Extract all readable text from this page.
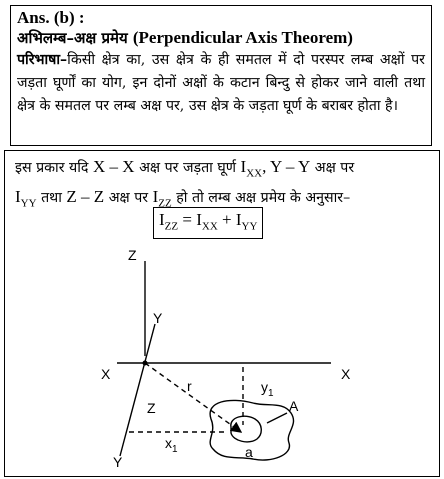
Ans. (b) :
अभिलम्ब–अक्ष प्रमेय (Perpendicular Axis Theorem)
परिभाषा–किसी क्षेत्र का, उस क्षेत्र के ही समतल में दो परस्पर लम्ब अक्षों पर जड़ता घूर्णों का योग, इन दोनों अक्षों के कटान बिन्दु से होकर जाने वाली तथा क्षेत्र के समतल पर लम्ब अक्ष पर, उस क्षेत्र के जड़ता घूर्ण के बराबर होता है।
इस प्रकार यदि X – X अक्ष पर जड़ता घूर्ण $I_{XX}$, Y – Y अक्ष पर
$I_{YY}$ तथा Z – Z अक्ष पर $I_{ZZ}$ हो तो लम्ब अक्ष प्रमेय के अनुसार–
$I_{ZZ} = I_{XX} + I_{YY}$
Z
Y
X	X
Z
Y
r	$y_1$
$x_1$
A
a
